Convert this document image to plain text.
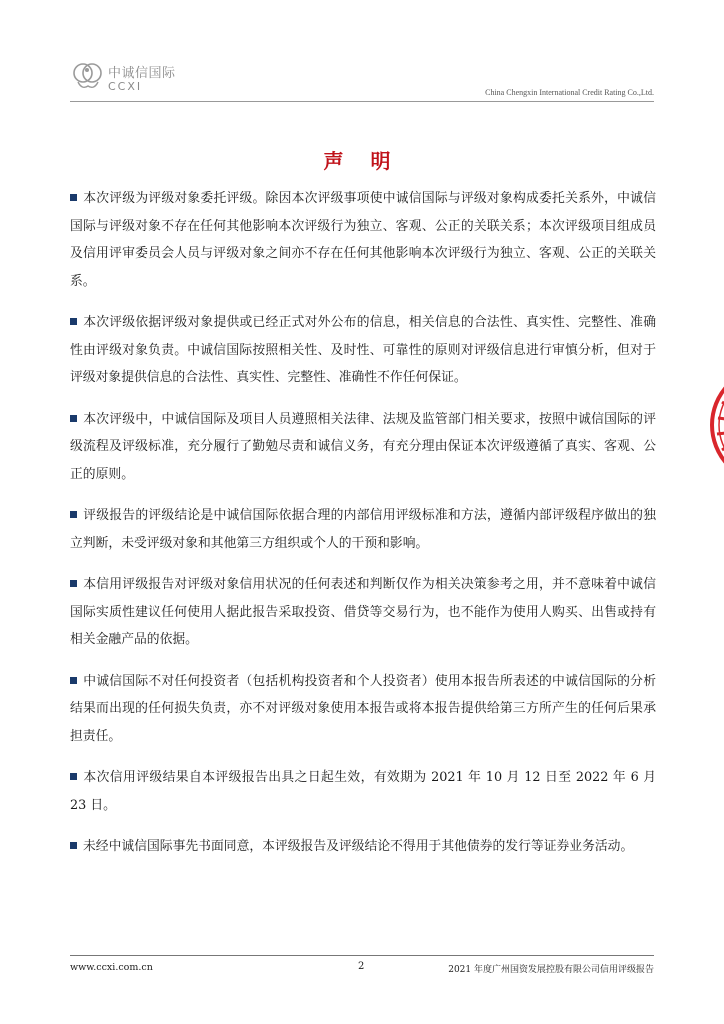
中诚信国际
CCXI	China Chengxin International Credit Rating Co.,Ltd.
声 明

本次评级为评级对象委托评级。除因本次评级事项使中诚信国际与评级对象构成委托关系外，中诚信国际与评级对象不存在任何其他影响本次评级行为独立、客观、公正的关联关系；本次评级项目组成员及信用评审委员会人员与评级对象之间亦不存在任何其他影响本次评级行为独立、客观、公正的关联关系。

本次评级依据评级对象提供或已经正式对外公布的信息，相关信息的合法性、真实性、完整性、准确性由评级对象负责。中诚信国际按照相关性、及时性、可靠性的原则对评级信息进行审慎分析，但对于评级对象提供信息的合法性、真实性、完整性、准确性不作任何保证。

本次评级中，中诚信国际及项目人员遵照相关法律、法规及监管部门相关要求，按照中诚信国际的评级流程及评级标准，充分履行了勤勉尽责和诚信义务，有充分理由保证本次评级遵循了真实、客观、公正的原则。

评级报告的评级结论是中诚信国际依据合理的内部信用评级标准和方法，遵循内部评级程序做出的独立判断，未受评级对象和其他第三方组织或个人的干预和影响。

本信用评级报告对评级对象信用状况的任何表述和判断仅作为相关决策参考之用，并不意味着中诚信国际实质性建议任何使用人据此报告采取投资、借贷等交易行为，也不能作为使用人购买、出售或持有相关金融产品的依据。

中诚信国际不对任何投资者（包括机构投资者和个人投资者）使用本报告所表述的中诚信国际的分析结果而出现的任何损失负责，亦不对评级对象使用本报告或将本报告提供给第三方所产生的任何后果承担责任。

本次信用评级结果自本评级报告出具之日起生效，有效期为 2021 年 10 月 12 日至 2022 年 6 月 23 日。

未经中诚信国际事先书面同意，本评级报告及评级结论不得用于其他债券的发行等证券业务活动。

www.ccxi.com.cn	2	2021 年度广州国资发展控股有限公司信用评级报告
